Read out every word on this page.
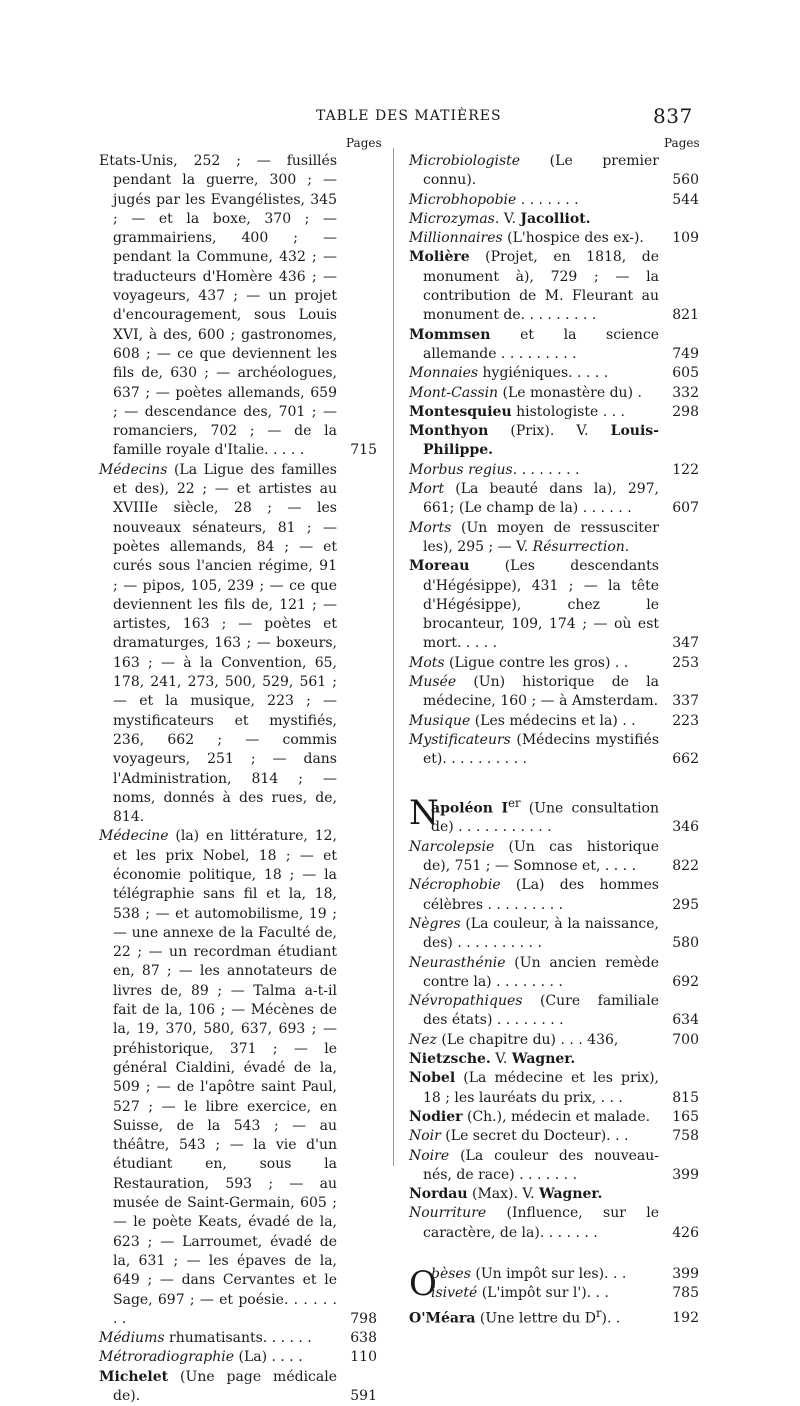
TABLE DES MATIÈRES	837
Pages	Pages
Etats-Unis, 252 ; — fusillés pendant la guerre, 300 ; — jugés par les Evangélistes, 345 ; — et la boxe, 370 ; — grammairiens, 400 ; — pendant la Commune, 432 ; — traducteurs d'Homère 436 ; — voyageurs, 437 ; — un projet d'encouragement, sous Louis XVI, à des, 600 ; gastronomes, 608 ; — ce que deviennent les fils de, 630 ; — archéologues, 637 ; — poètes allemands, 659 ; — descendance des, 701 ; — romanciers, 702 ; — de la famille royale d'Italie. . . . .	715
Médecins (La Ligue des familles et des), 22 ; — et artistes au XVIIIe siècle, 28 ; — les nouveaux sénateurs, 81 ; — poètes allemands, 84 ; — et curés sous l'ancien régime, 91 ; — pipos, 105, 239 ; — ce que deviennent les fils de, 121 ; — artistes, 163 ; — poètes et dramaturges, 163 ; — boxeurs, 163 ; — à la Convention, 65, 178, 241, 273, 500, 529, 561 ; — et la musique, 223 ; — mystificateurs et mystifiés, 236, 662 ; — commis voyageurs, 251 ; — dans l'Administration, 814 ; — noms, donnés à des rues, de, 814.
Médecine (la) en littérature, 12, et les prix Nobel, 18 ; — et économie politique, 18 ; — la télégraphie sans fil et la, 18, 538 ; — et automobilisme, 19 ; — une annexe de la Faculté de, 22 ; — un recordman étudiant en, 87 ; — les annotateurs de livres de, 89 ; — Talma a-t-il fait de la, 106 ; — Mécènes de la, 19, 370, 580, 637, 693 ; — préhistorique, 371 ; — le général Cialdini, évadé de la, 509 ; — de l'apôtre saint Paul, 527 ; — le libre exercice, en Suisse, de la 543 ; — au théâtre, 543 ; — la vie d'un étudiant en, sous la Restauration, 593 ; — au musée de Saint-Germain, 605 ; — le poète Keats, évadé de la, 623 ; — Larroumet, évadé de la, 631 ; — les épaves de la, 649 ; — dans Cervantes et le Sage, 697 ; — et poésie. . . . . . . .	798
Médiums rhumatisants. . . . . .	638
Métroradiographie (La) . . . .	110
Michelet (Une page médicale de).	591
Microbiologiste (Le premier connu).	560
Microbhopobie . . . . . . .	544
Microzymas. V. Jacolliot.
Millionnaires (L'hospice des ex-).	109
Molière (Projet, en 1818, de monument à), 729 ; — la contribution de M. Fleurant au monument de. . . . . . . . .	821
Mommsen et la science allemande . . . . . . . . .	749
Monnaies hygiéniques. . . . .	605
Mont-Cassin (Le monastère du) .	332
Montesquieu histologiste . . .	298
Monthyon (Prix). V. Louis-Philippe.
Morbus regius. . . . . . . .	122
Mort (La beauté dans la), 297, 661; (Le champ de la) . . . . . .	607
Morts (Un moyen de ressusciter les), 295 ; — V. Résurrection.
Moreau (Les descendants d'Hégésippe), 431 ; — la tête d'Hégésippe), chez le brocanteur, 109, 174 ; — où est mort. . . . .	347
Mots (Ligue contre les gros) . .	253
Musée (Un) historique de la médecine, 160 ; — à Amsterdam. 337
Musique (Les médecins et la) . .	223
Mystificateurs (Médecins mystifiés et). . . . . . . . . .	662
N
apoléon Ier (Une consultation de) . . . . . . . . . . .	346
Narcolepsie (Un cas historique de), 751 ; — Somnose et, . . . .	822
Nécrophobie (La) des hommes célèbres . . . . . . . . .	295
Nègres (La couleur, à la naissance, des) . . . . . . . . . .	580
Neurasthénie (Un ancien remède contre la) . . . . . . . .	692
Névropathiques (Cure familiale des états) . . . . . . . .	634
Nez (Le chapitre du) . . . 436,	700
Nietzsche. V. Wagner.
Nobel (La médecine et les prix), 18 ; les lauréats du prix, . . .	815
Nodier (Ch.), médecin et malade.	165
Noir (Le secret du Docteur). . .	758
Noire (La couleur des nouveau-nés, de race) . . . . . . .	399
Nordau (Max). V. Wagner.
Nourriture (Influence, sur le caractère, de la). . . . . . .	426
O
bèses (Un impôt sur les). . .	399
isiveté (L'impôt sur l'). . .	785
O'Méara (Une lettre du $D^r$). .	192
